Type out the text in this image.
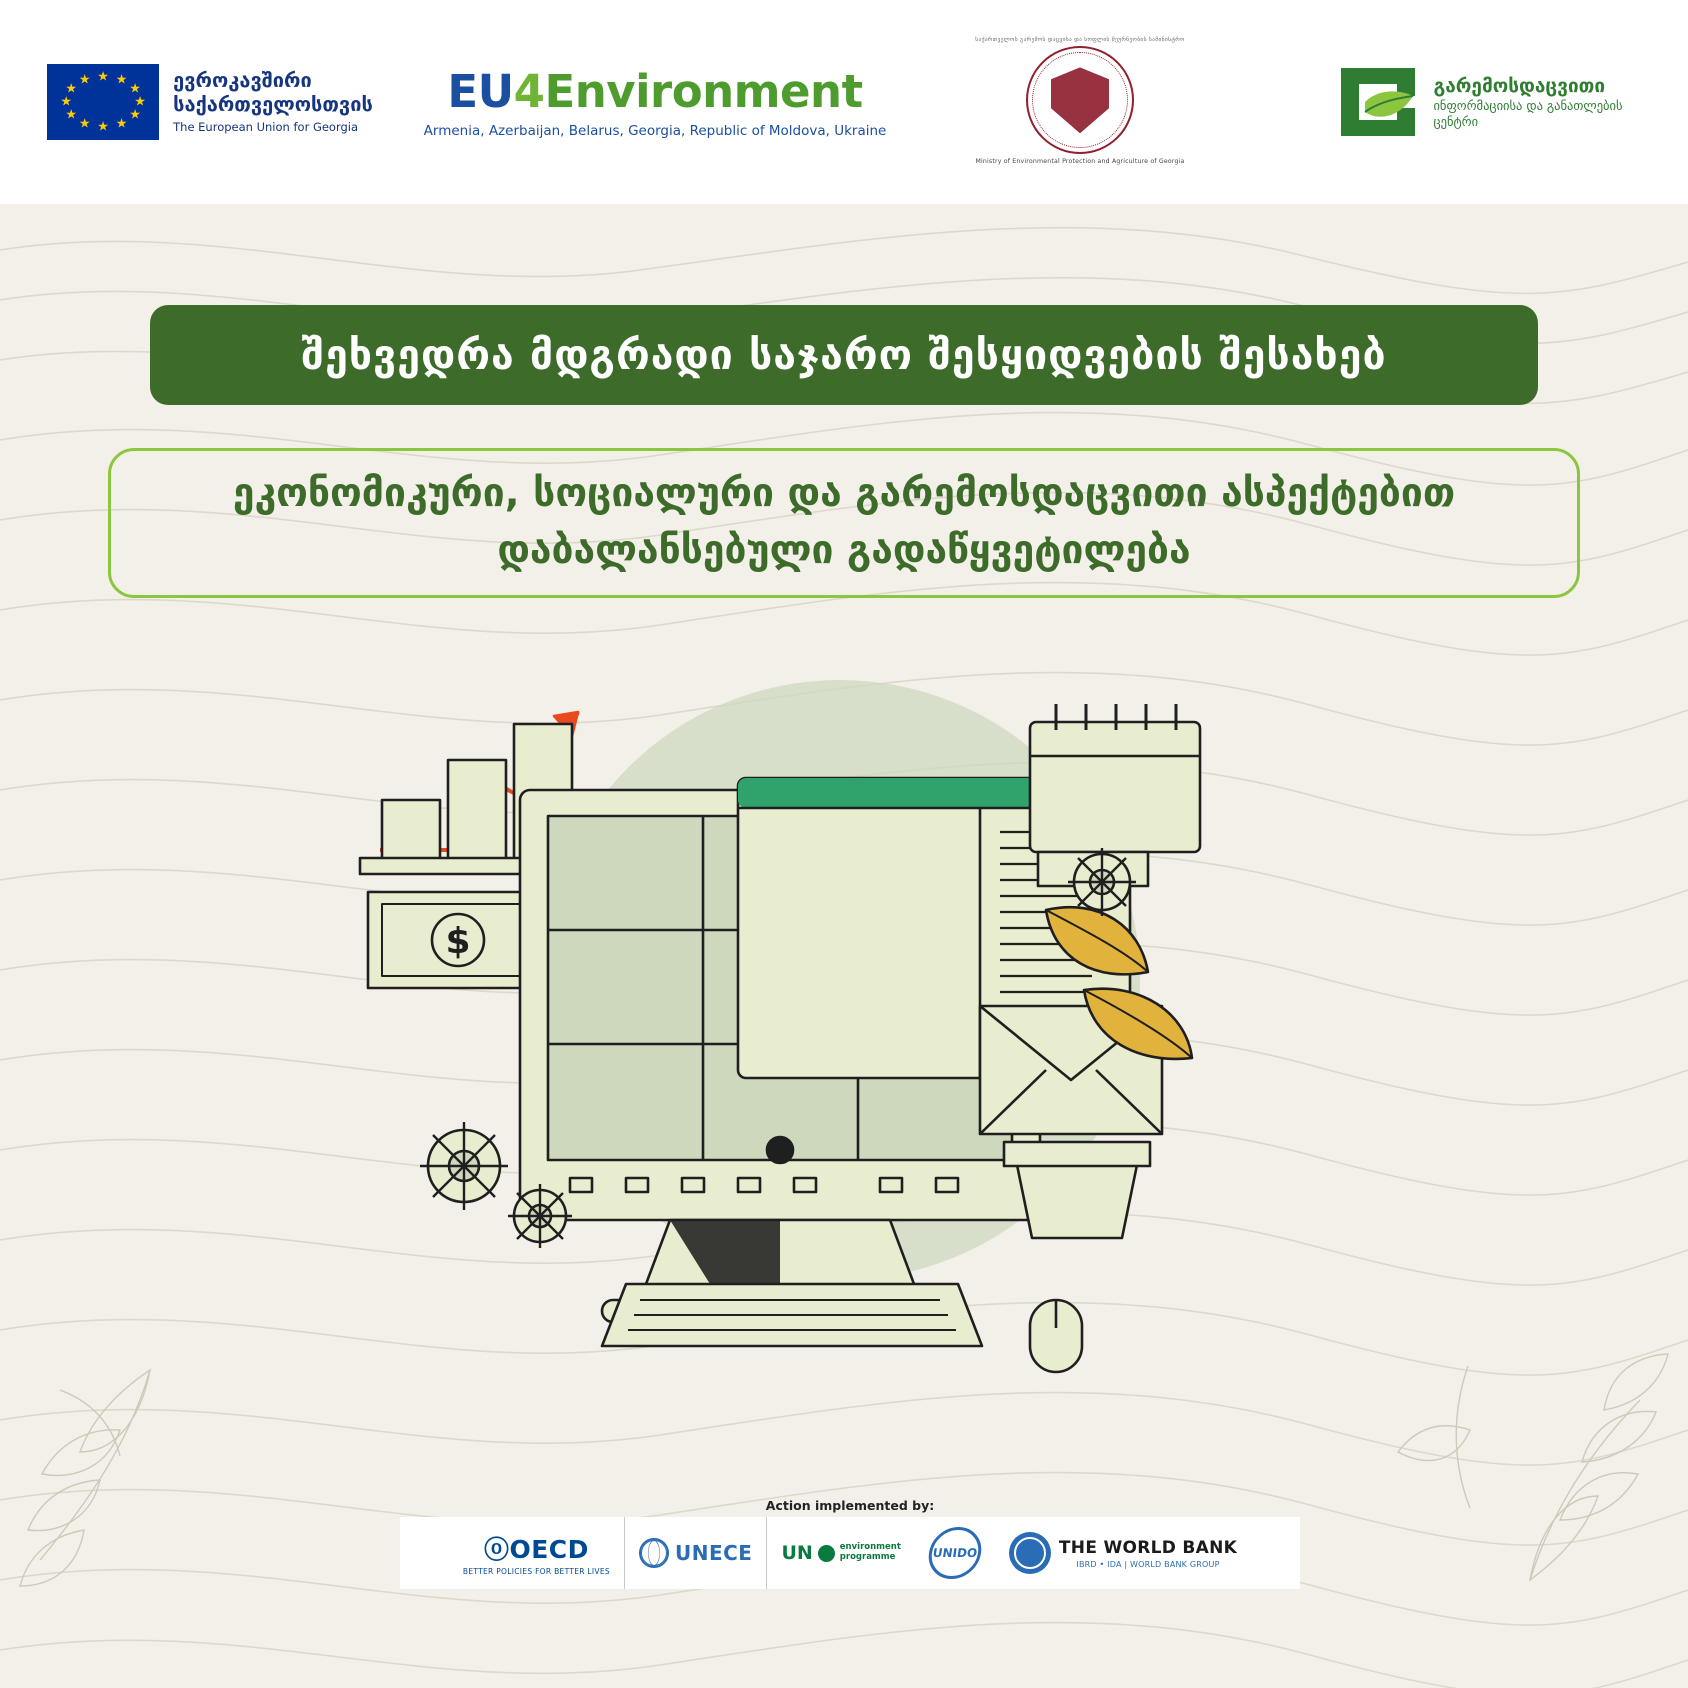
★ ★
★
★
★
★
★
★
★
★
★
★	ევროკავშირი
საქართველოსთვის
The European Union for Georgia
EU4Environment
Armenia, Azerbaijan, Belarus, Georgia, Republic of Moldova, Ukraine
საქართველოს გარემოს დაცვისა და სოფლის მეურნეობის სამინისტრო
Ministry of Environmental Protection and Agriculture of Georgia
გარემოსდაცვითი
ინფორმაციისა და განათლების
ცენტრი
შეხვედრა მდგრადი საჯარო შესყიდვების შესახებ
ეკონომიკური, სოციალური და გარემოსდაცვითი ასპექტებით
დაბალანსებული გადაწყვეტილება
$
Action implemented by:
ⓞOECD
BETTER POLICIES FOR BETTER LIVES
UNECE UN	environment
programme	UNIDO	THE WORLD BANK
IBRD • IDA | WORLD BANK GROUP
